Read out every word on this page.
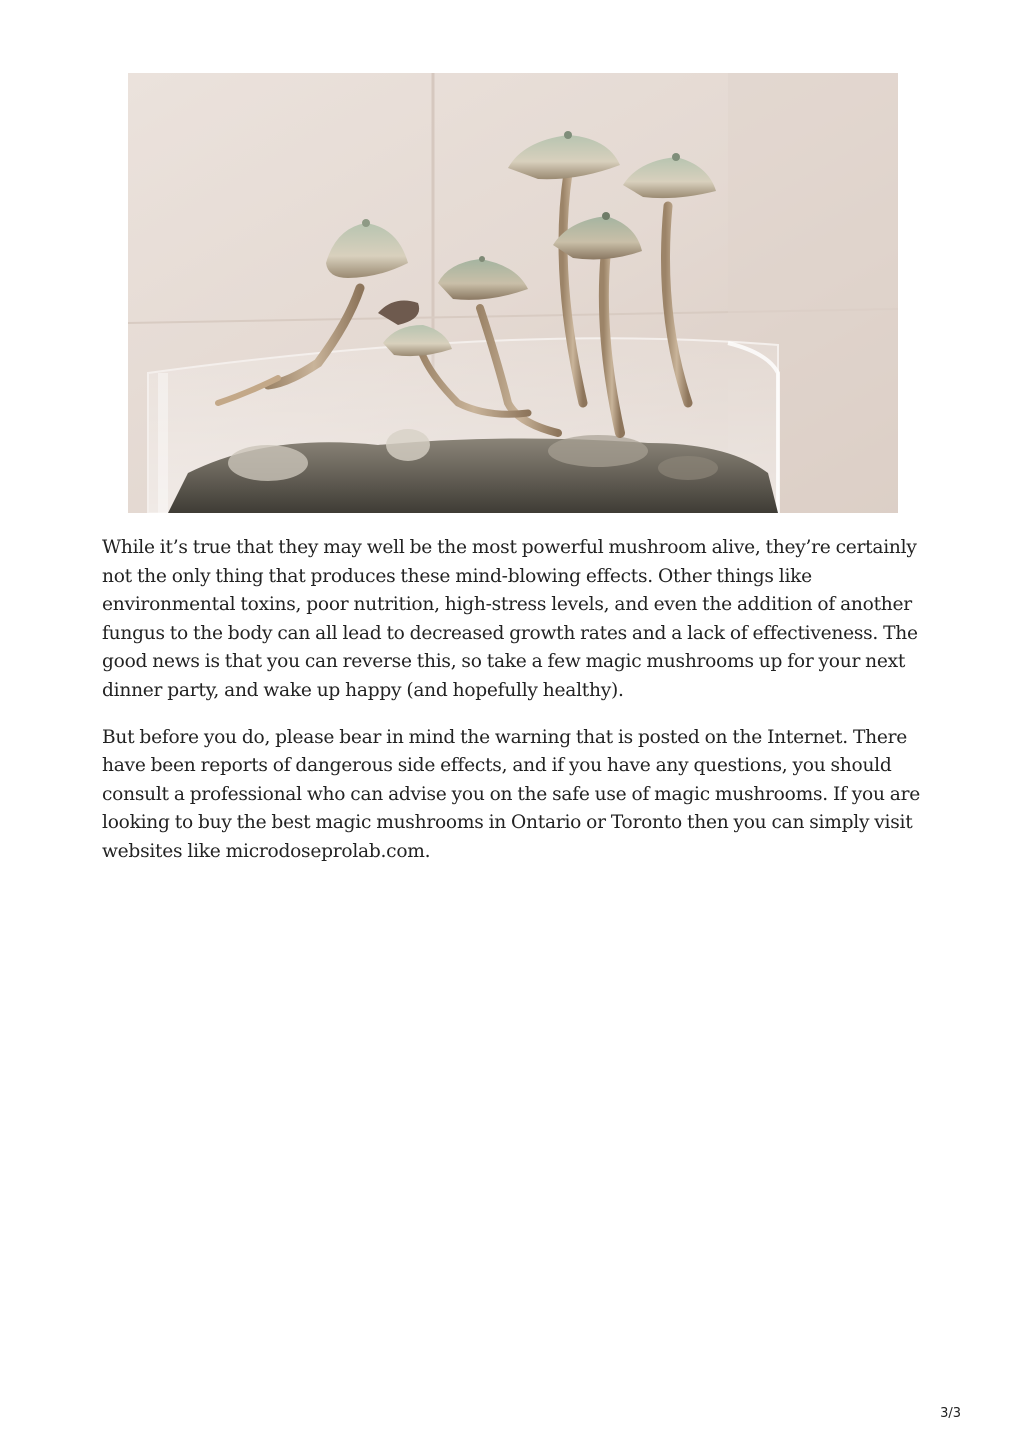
While it’s true that they may well be the most powerful mushroom alive, they’re certainly not the only thing that produces these mind-blowing effects. Other things like environmental toxins, poor nutrition, high-stress levels, and even the addition of another fungus to the body can all lead to decreased growth rates and a lack of effectiveness. The good news is that you can reverse this, so take a few magic mushrooms up for your next dinner party, and wake up happy (and hopefully healthy).

But before you do, please bear in mind the warning that is posted on the Internet. There have been reports of dangerous side effects, and if you have any questions, you should consult a professional who can advise you on the safe use of magic mushrooms. If you are looking to buy the best magic mushrooms in Ontario or Toronto then you can simply visit websites like microdoseprolab.com.

3/3
